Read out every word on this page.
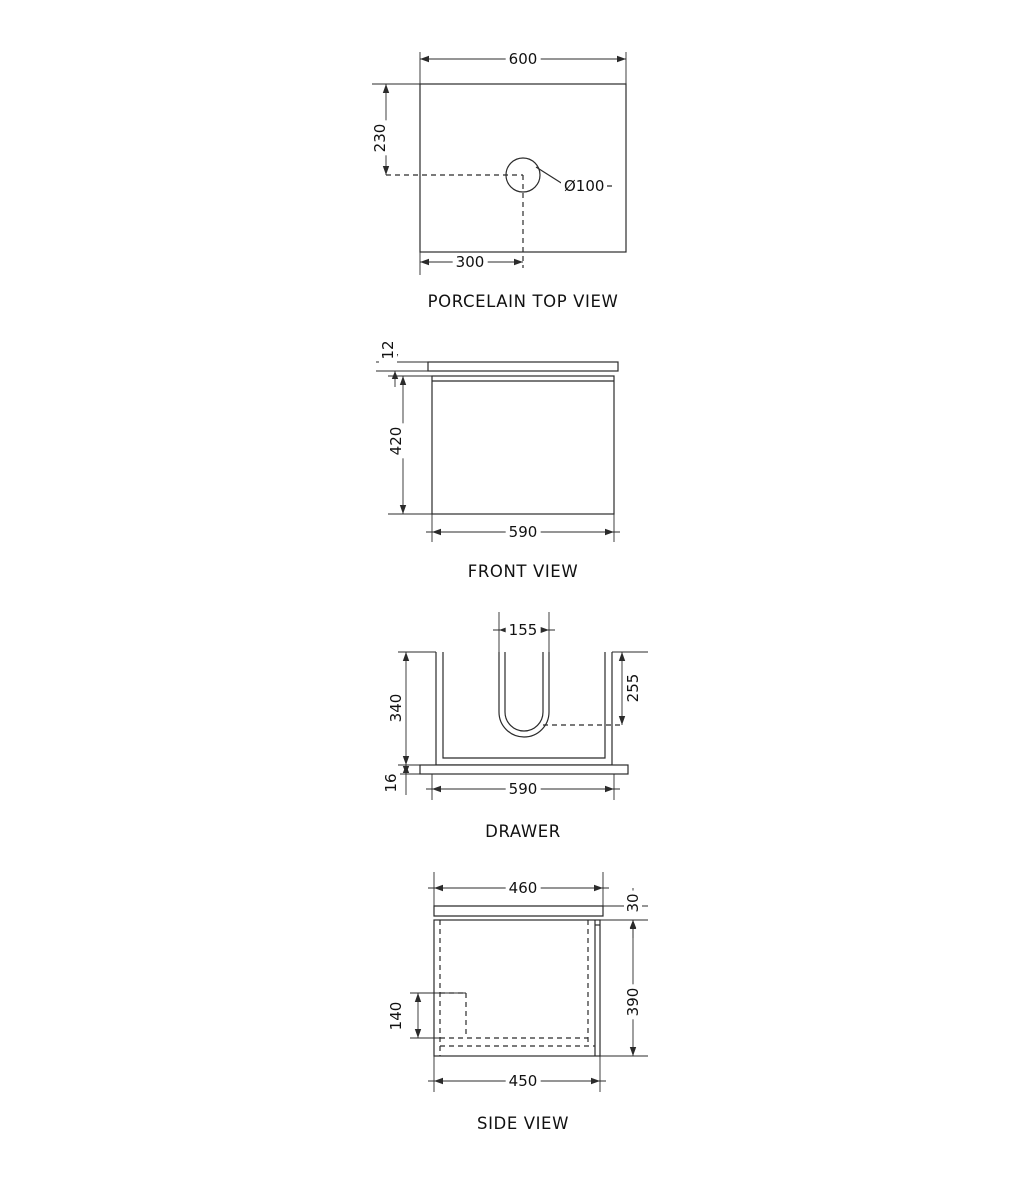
600
230
300
Ø100
12
420
590
155
340
255
16	590
460
30
390
140
450
PORCELAIN TOP VIEW
FRONT VIEW
DRAWER
SIDE VIEW
